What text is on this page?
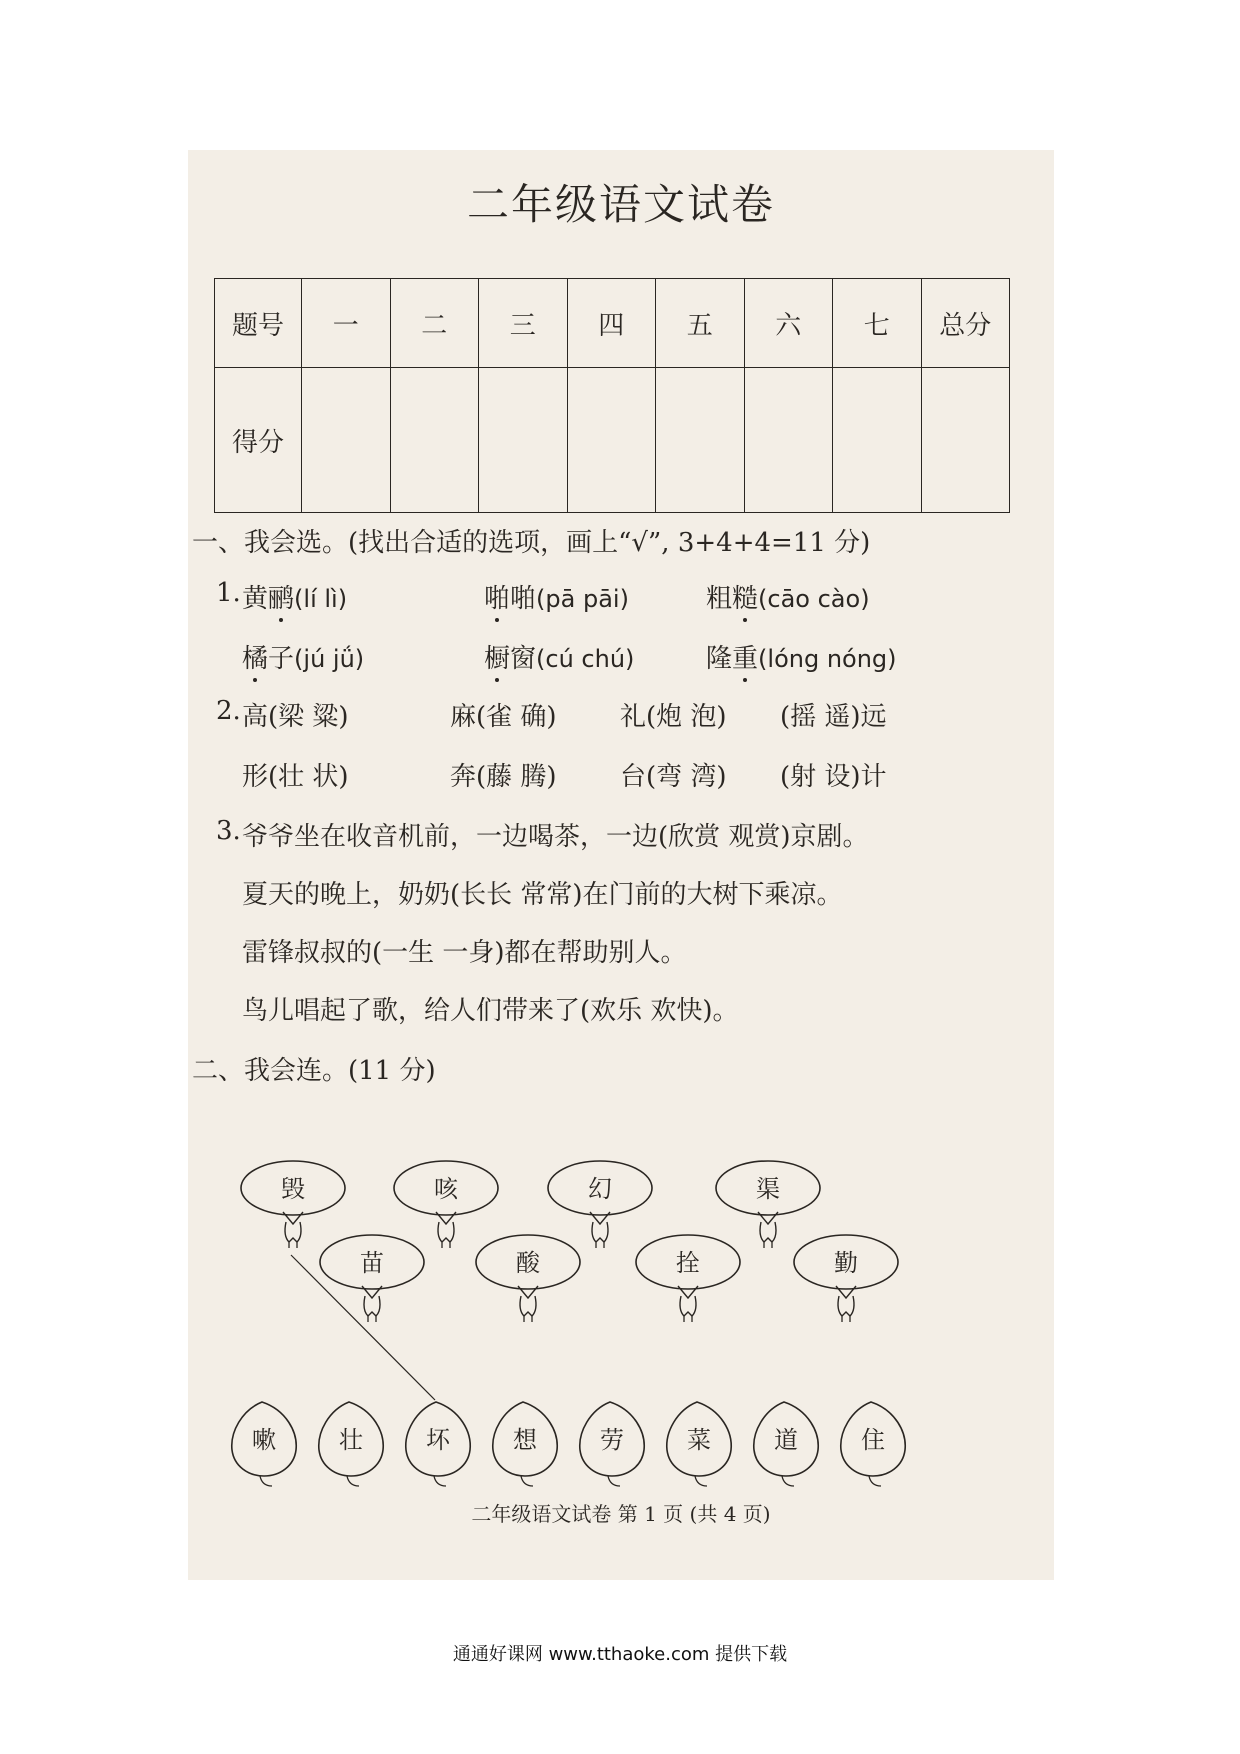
二年级语文试卷
题号	一	二	三	四	五	六	七	总分
得分								
一、我会选。(找出合适的选项，画上“√”, 3+4+4=11 分)
1. 黄鹂(lí lì)	啪啪(pā pāi)	粗糙(cāo cào)
橘子(jú jǘ)	橱窗(cú chú)	隆重(lóng nóng)
2. 高(梁 粱)	麻(雀 确) 礼(炮 泡) (摇 遥)远
形(壮 状)	奔(藤 腾) 台(弯 湾) (射 设)计
3. 爷爷坐在收音机前，一边喝茶，一边(欣赏 观赏)京剧。
夏天的晚上，奶奶(长长 常常)在门前的大树下乘凉。
雷锋叔叔的(一生 一身)都在帮助别人。
鸟儿唱起了歌，给人们带来了(欢乐 欢快)。
二、我会连。(11 分)
毁	咳	幻	渠
苗	酸	拴	勤
嗽	壮	坏	想	劳	菜	道	住
二年级语文试卷 第 1 页 (共 4 页)
通通好课网 www.tthaoke.com 提供下载
